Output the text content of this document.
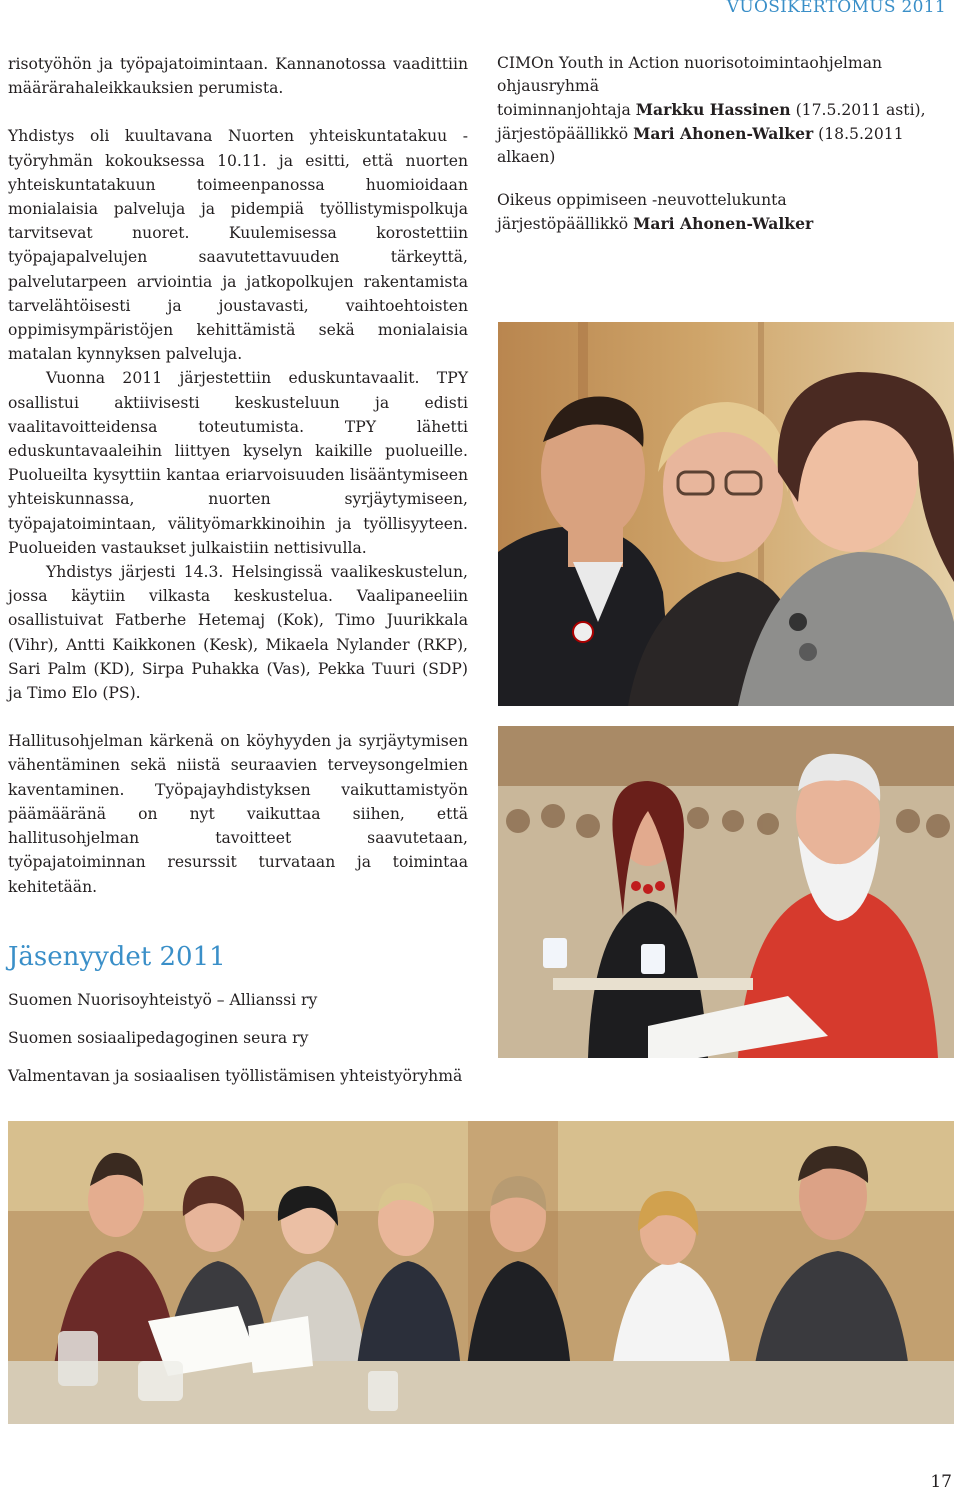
VUOSIKERTOMUS 2011

risotyöhön ja työpajatoimintaan. Kannanotossa vaadittiin määrärahaleikkauksien perumista.

Yhdistys oli kuultavana Nuorten yhteiskuntatakuu -työryhmän kokouksessa 10.11. ja esitti, että nuorten yhteiskuntatakuun toimeenpanossa huomioidaan monialaisia palveluja ja pidempiä työllistymispolkuja tarvitsevat nuoret. Kuulemisessa korostettiin työpajapalvelujen saavutettavuuden tärkeyttä, palvelutarpeen arviointia ja jatkopolkujen rakentamista tarvelähtöisesti ja joustavasti, vaihtoehtoisten oppimisympäristöjen kehittämistä sekä monialaisia matalan kynnyksen palveluja.

Vuonna 2011 järjestettiin eduskuntavaalit. TPY osallistui aktiivisesti keskusteluun ja edisti vaalitavoitteidensa toteutumista. TPY lähetti eduskuntavaaleihin liittyen kyselyn kaikille puolueille. Puolueilta kysyttiin kantaa eriarvoisuuden lisääntymiseen yhteiskunnassa, nuorten syrjäytymiseen, työpajatoimintaan, välityömarkkinoihin ja työllisyyteen. Puolueiden vastaukset julkaistiin nettisivulla.

Yhdistys järjesti 14.3. Helsingissä vaalikeskustelun, jossa käytiin vilkasta keskustelua. Vaalipaneeliin osallistuivat Fatberhe Hetemaj (Kok), Timo Juurikkala (Vihr), Antti Kaikkonen (Kesk), Mikaela Nylander (RKP), Sari Palm (KD), Sirpa Puhakka (Vas), Pekka Tuuri (SDP) ja Timo Elo (PS).

Hallitusohjelman kärkenä on köyhyyden ja syrjäytymisen vähentäminen sekä niistä seuraavien terveysongelmien kaventaminen. Työpajayhdistyksen vaikuttamistyön päämääränä on nyt vaikuttaa siihen, että hallitusohjelman tavoitteet saavutetaan, työpajatoiminnan resurssit turvataan ja toimintaa kehitetään.

Jäsenyydet 2011
Suomen Nuorisoyhteistyö – Allianssi ry
Suomen sosiaalipedagoginen seura ry
Valmentavan ja sosiaalisen työllistämisen yhteistyöryhmä

CIMOn Youth in Action nuorisotoimintaohjelman ohjausryhmä

toiminnanjohtaja Markku Hassinen (17.5.2011 asti),

järjestöpäällikkö Mari Ahonen-Walker (18.5.2011 alkaen)

Oikeus oppimiseen -neuvottelukunta

järjestöpäällikkö Mari Ahonen-Walker

17
